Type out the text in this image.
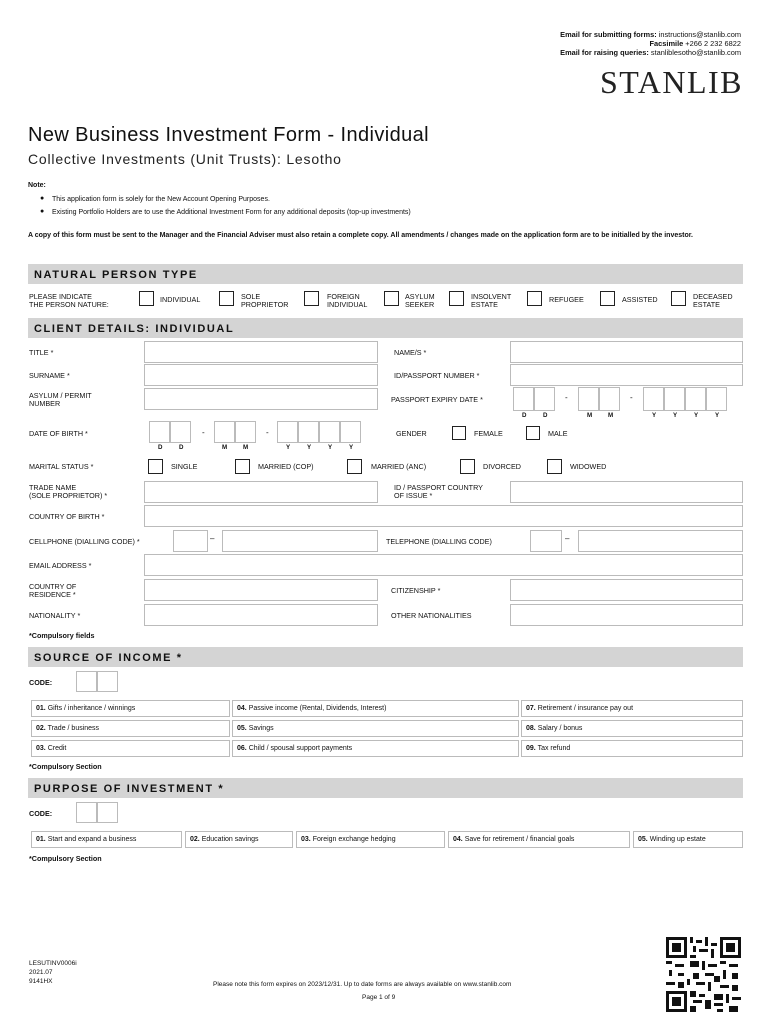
Email for submitting forms: instructions@stanlib.com
Facsimile +266 2 232 6822
Email for raising queries: stanliblesotho@stanlib.com
STANLIB
New Business Investment Form - Individual
Collective Investments (Unit Trusts): Lesotho
Note:
● This application form is solely for the New Account Opening Purposes.
● Existing Portfolio Holders are to use the Additional Investment Form for any additional deposits (top-up investments)
A copy of this form must be sent to the Manager and the Financial Adviser must also retain a complete copy. All amendments / changes made on the application form are to be initialled by the investor.
NATURAL PERSON TYPE
PLEASE INDICATE
THE PERSON NATURE:
INDIVIDUAL	SOLE
PROPRIETOR
FOREIGN
INDIVIDUAL
ASYLUM
SEEKER
INSOLVENT
ESTATE
REFUGEE	ASSISTED	DECEASED
ESTATE
CLIENT DETAILS: INDIVIDUAL
TITLE *	NAME/S *
SURNAME *	ID/PASSPORT NUMBER *
ASYLUM / PERMIT
NUMBER	PASSPORT EXPIRY DATE *	-	-
D	D	M	M	Y	Y	Y	Y
DATE OF BIRTH *	-	-
D	D	M	M	Y	Y	Y	Y
GENDER	FEMALE	MALE
MARITAL STATUS *	SINGLE	MARRIED (COP)	MARRIED (ANC)	DIVORCED	WIDOWED
TRADE NAME
(SOLE PROPRIETOR) *
ID / PASSPORT COUNTRY
OF ISSUE *
COUNTRY OF BIRTH *
CELLPHONE (DIALLING CODE) *	–	TELEPHONE (DIALLING CODE)	–
EMAIL ADDRESS *
COUNTRY OF
RESIDENCE *	CITIZENSHIP *
NATIONALITY *	OTHER NATIONALITIES
*Compulsory fields
SOURCE OF INCOME *
CODE:
01. Gifts / inheritance / winnings	04. Passive income (Rental, Dividends, Interest)	07. Retirement / insurance pay out
02. Trade / business	05. Savings	08. Salary / bonus
03. Credit	06. Child / spousal support payments	09. Tax refund
*Compulsory Section
PURPOSE OF INVESTMENT *
CODE:
01. Start and expand a business	02. Education savings	03. Foreign exchange hedging	04. Save for retirement / financial goals	05. Winding up estate
*Compulsory Section
LESUTINV0006i
2021.07
9141HX	Please note this form expires on 2023/12/31. Up to date forms are always available on www.stanlib.com
Page 1 of 9
